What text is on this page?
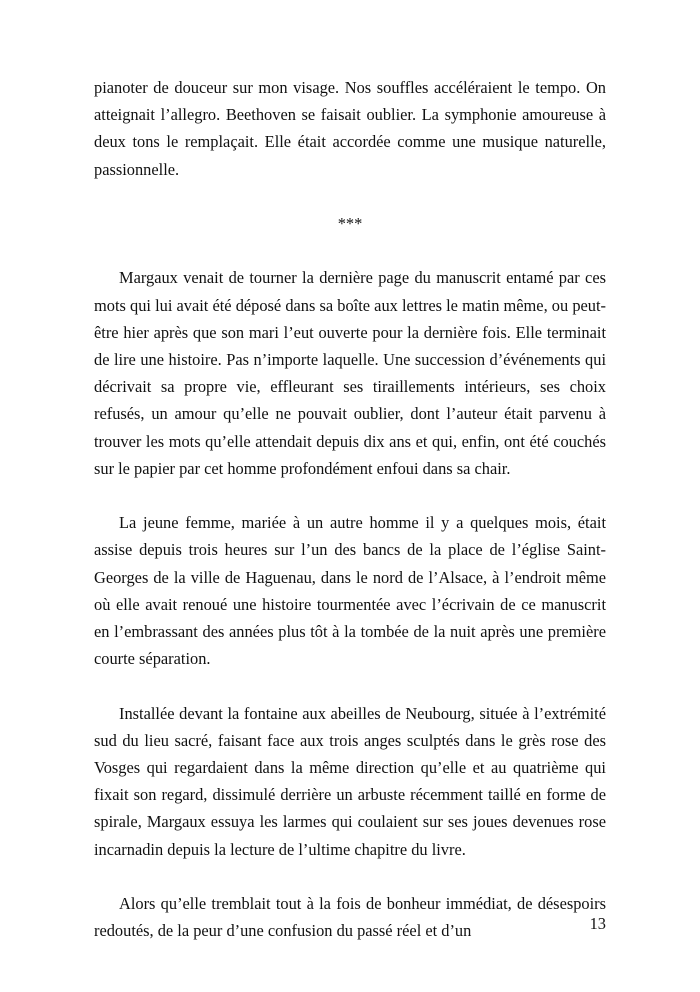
pianoter de douceur sur mon visage. Nos souffles accéléraient le tempo. On atteignait l’allegro. Beethoven se faisait oublier. La symphonie amoureuse à deux tons le remplaçait. Elle était accordée comme une musique naturelle, passionnelle.

***

Margaux venait de tourner la dernière page du manuscrit entamé par ces mots qui lui avait été déposé dans sa boîte aux lettres le matin même, ou peut-être hier après que son mari l’eut ouverte pour la dernière fois. Elle terminait de lire une histoire. Pas n’importe laquelle. Une succession d’événements qui décrivait sa propre vie, effleurant ses tiraillements intérieurs, ses choix refusés, un amour qu’elle ne pouvait oublier, dont l’auteur était parvenu à trouver les mots qu’elle attendait depuis dix ans et qui, enfin, ont été couchés sur le papier par cet homme profondément enfoui dans sa chair.

La jeune femme, mariée à un autre homme il y a quelques mois, était assise depuis trois heures sur l’un des bancs de la place de l’église Saint-Georges de la ville de Haguenau, dans le nord de l’Alsace, à l’endroit même où elle avait renoué une histoire tourmentée avec l’écrivain de ce manuscrit en l’embrassant des années plus tôt à la tombée de la nuit après une première courte séparation.

Installée devant la fontaine aux abeilles de Neubourg, située à l’extrémité sud du lieu sacré, faisant face aux trois anges sculptés dans le grès rose des Vosges qui regardaient dans la même direction qu’elle et au quatrième qui fixait son regard, dissimulé derrière un arbuste récemment taillé en forme de spirale, Margaux essuya les larmes qui coulaient sur ses joues devenues rose incarnadin depuis la lecture de l’ultime chapitre du livre.

Alors qu’elle tremblait tout à la fois de bonheur immédiat, de désespoirs redoutés, de la peur d’une confusion du passé réel et d’un	13
